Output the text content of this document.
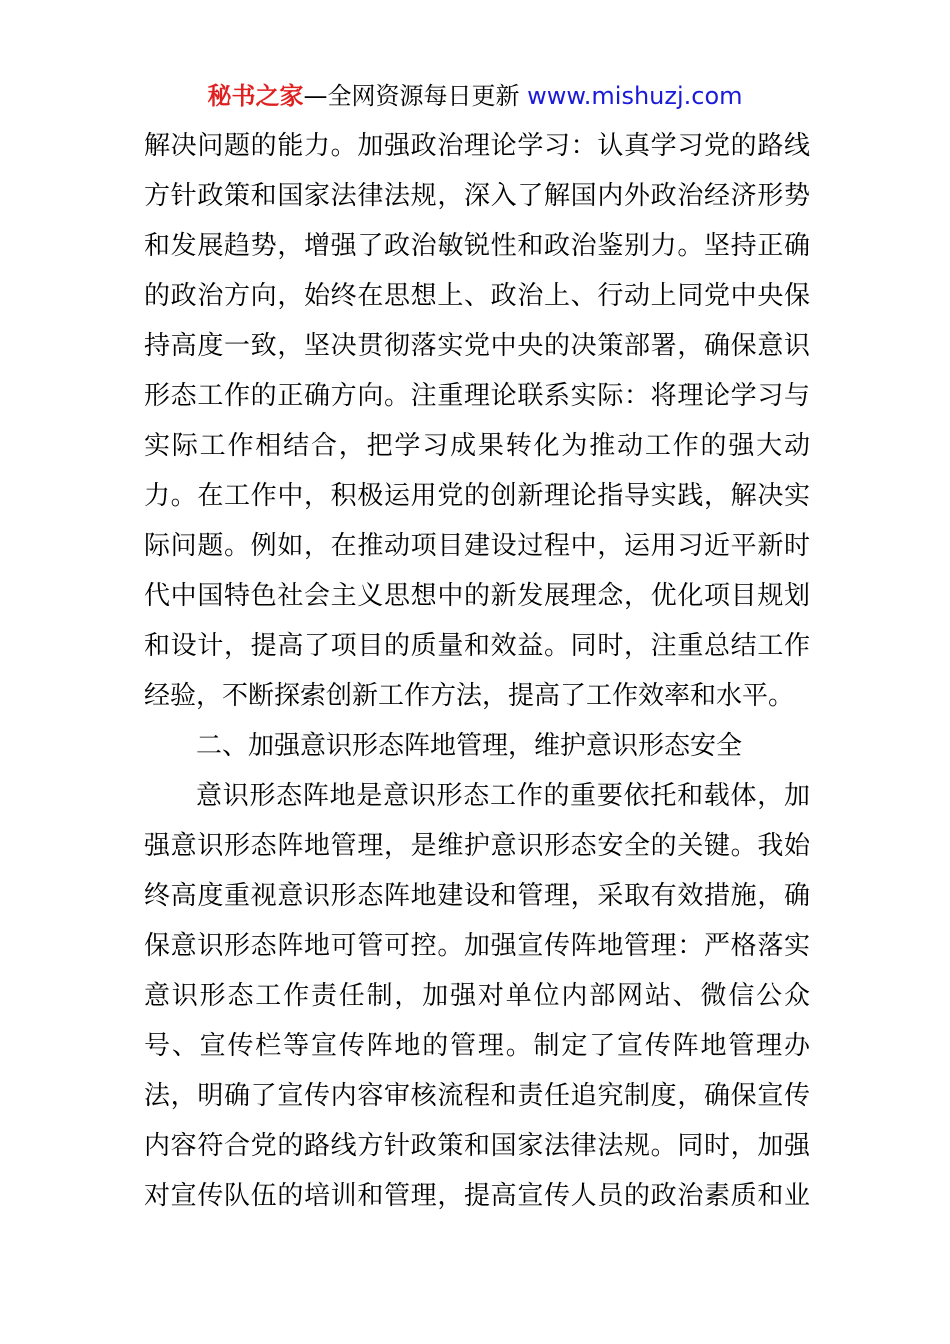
秘书之家—全网资源每日更新 www.mishuzj.com
解决问题的能力。加强政治理论学习：认真学习党的路线
方针政策和国家法律法规，深入了解国内外政治经济形势
和发展趋势，增强了政治敏锐性和政治鉴别力。坚持正确
的政治方向，始终在思想上、政治上、行动上同党中央保
持高度一致，坚决贯彻落实党中央的决策部署，确保意识
形态工作的正确方向。注重理论联系实际：将理论学习与
实际工作相结合，把学习成果转化为推动工作的强大动
力。在工作中，积极运用党的创新理论指导实践，解决实
际问题。例如，在推动项目建设过程中，运用习近平新时
代中国特色社会主义思想中的新发展理念，优化项目规划
和设计，提高了项目的质量和效益。同时，注重总结工作
经验，不断探索创新工作方法，提高了工作效率和水平。
二、加强意识形态阵地管理，维护意识形态安全
意识形态阵地是意识形态工作的重要依托和载体，加
强意识形态阵地管理，是维护意识形态安全的关键。我始
终高度重视意识形态阵地建设和管理，采取有效措施，确
保意识形态阵地可管可控。加强宣传阵地管理：严格落实
意识形态工作责任制，加强对单位内部网站、微信公众
号、宣传栏等宣传阵地的管理。制定了宣传阵地管理办
法，明确了宣传内容审核流程和责任追究制度，确保宣传
内容符合党的路线方针政策和国家法律法规。同时，加强
对宣传队伍的培训和管理，提高宣传人员的政治素质和业
